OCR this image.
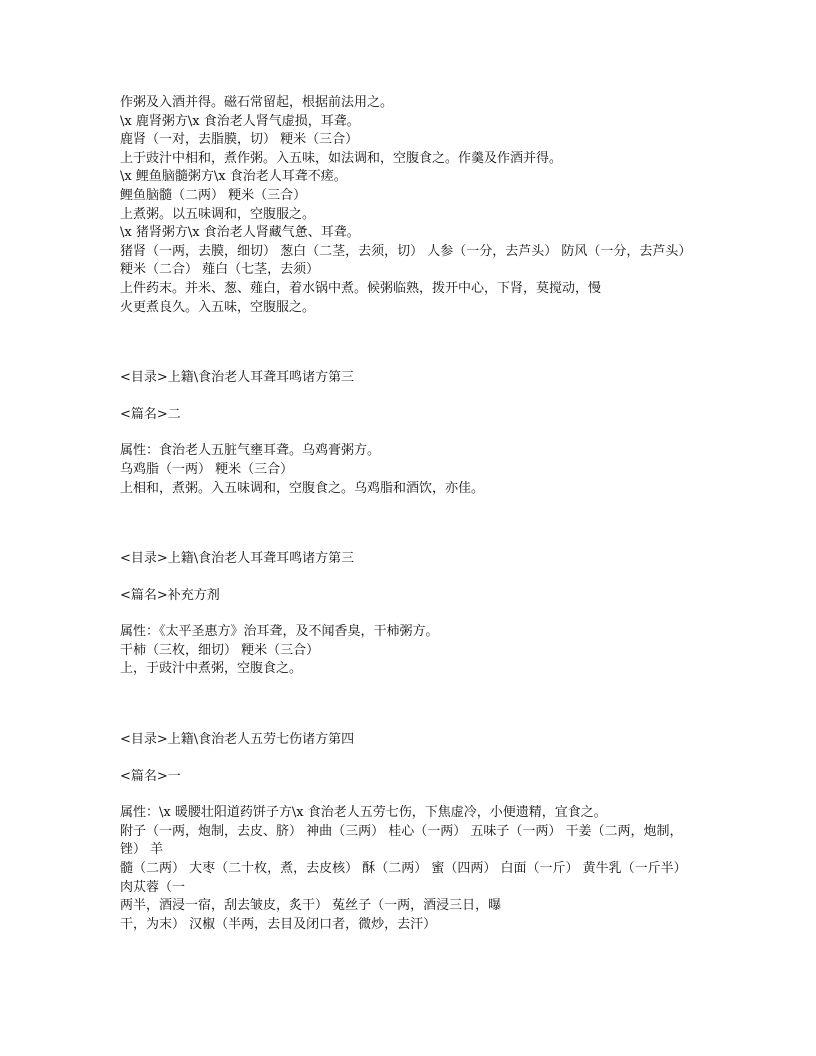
作粥及入酒并得。磁石常留起，根据前法用之。

\x 鹿肾粥方\x 食治老人肾气虚损，耳聋。

鹿肾（一对，去脂膜，切） 粳米（三合）

上于豉汁中相和，煮作粥。入五味，如法调和，空腹食之。作羹及作酒并得。

\x 鲤鱼脑髓粥方\x 食治老人耳聋不瘥。

鲤鱼脑髓（二两） 粳米（三合）

上煮粥。以五味调和，空腹服之。

\x 猪肾粥方\x 食治老人肾藏气惫、耳聋。

猪肾（一两，去膜，细切） 葱白（二茎，去须，切） 人参（一分，去芦头） 防风（一分，去芦头）

粳米（二合） 薤白（七茎，去须）

上件药末。并米、葱、薤白，着水锅中煮。候粥临熟，拨开中心，下肾，莫搅动，慢

火更煮良久。入五味，空腹服之。

<目录>上籍\食治老人耳聋耳鸣诸方第三

<篇名>二

属性：食治老人五脏气壅耳聋。乌鸡膏粥方。

乌鸡脂（一两） 粳米（三合）

上相和，煮粥。入五味调和，空腹食之。乌鸡脂和酒饮，亦佳。

<目录>上籍\食治老人耳聋耳鸣诸方第三

<篇名>补充方剂

属性：《太平圣惠方》治耳聋，及不闻香臭，干柿粥方。

干柿（三枚，细切） 粳米（三合）

上，于豉汁中煮粥，空腹食之。

<目录>上籍\食治老人五劳七伤诸方第四

<篇名>一

属性：\x 暖腰壮阳道药饼子方\x 食治老人五劳七伤，下焦虚冷，小便遗精，宜食之。

附子（一两，炮制，去皮、脐） 神曲（三两） 桂心（一两） 五味子（一两） 干姜（二两，炮制，锉） 羊

髓（二两） 大枣（二十枚，煮，去皮核） 酥（二两） 蜜（四两） 白面（一斤） 黄牛乳（一斤半） 肉苁蓉（一

两半，酒浸一宿，刮去皱皮，炙干） 菟丝子（一两，酒浸三日，曝

干，为末） 汉椒（半两，去目及闭口者，微炒，去汗）
